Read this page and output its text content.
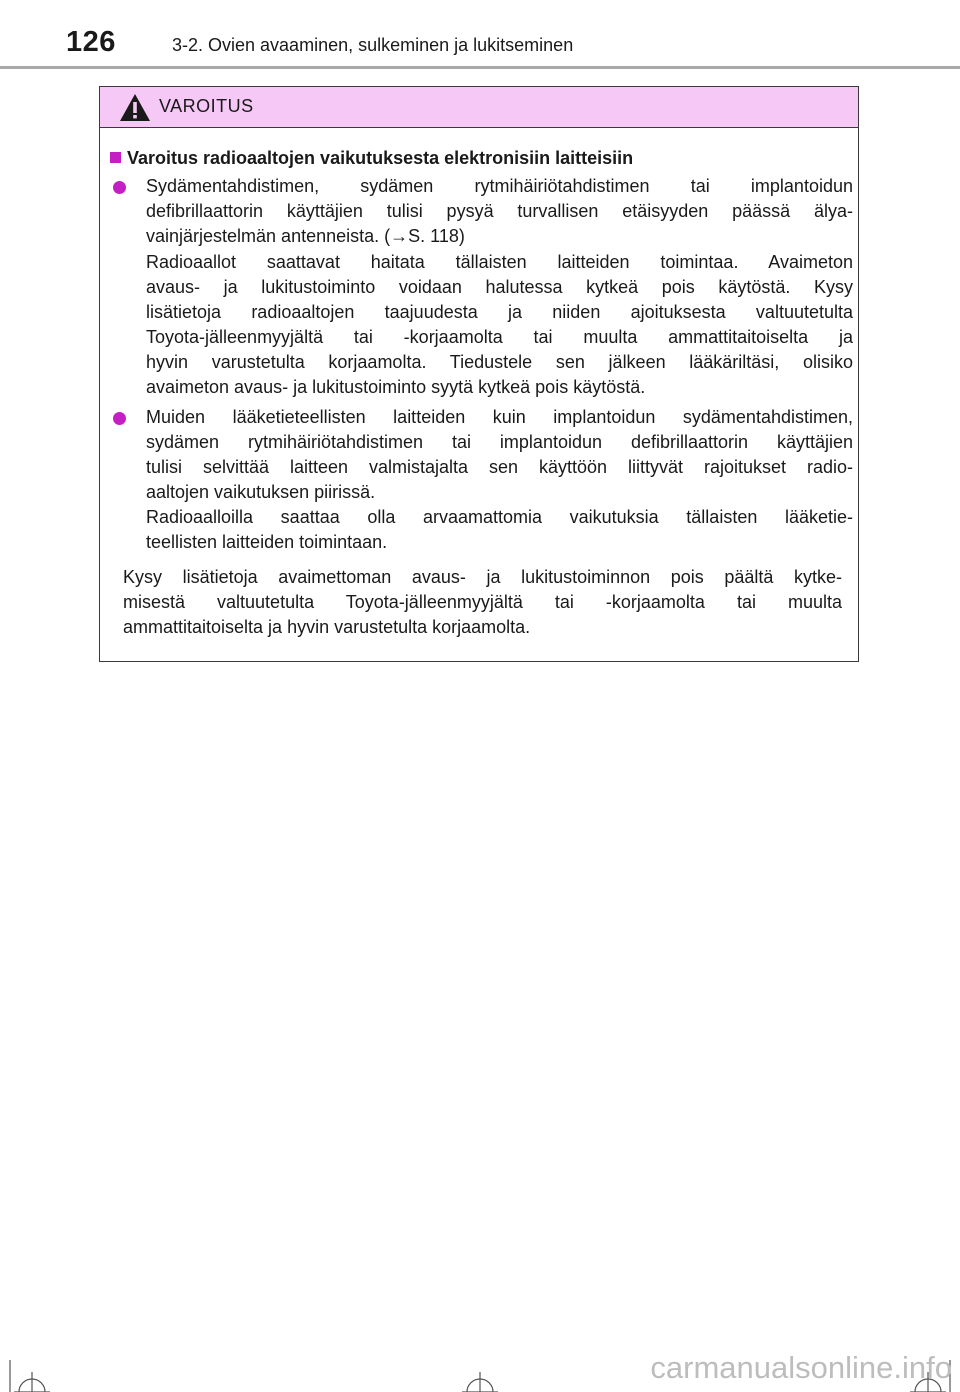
126	3-2. Ovien avaaminen, sulkeminen ja lukitseminen
VAROITUS
Varoitus radioaaltojen vaikutuksesta elektronisiin laitteisiin
Sydämentahdistimen, sydämen rytmihäiriötahdistimen tai implantoidun
defibrillaattorin käyttäjien tulisi pysyä turvallisen etäisyyden päässä älya-
vainjärjestelmän antenneista. (→S. 118)
Radioaallot saattavat haitata tällaisten laitteiden toimintaa. Avaimeton
avaus- ja lukitustoiminto voidaan halutessa kytkeä pois käytöstä. Kysy
lisätietoja radioaaltojen taajuudesta ja niiden ajoituksesta valtuutetulta
Toyota-jälleenmyyjältä tai -korjaamolta tai muulta ammattitaitoiselta ja
hyvin varustetulta korjaamolta. Tiedustele sen jälkeen lääkäriltäsi, olisiko
avaimeton avaus- ja lukitustoiminto syytä kytkeä pois käytöstä.
Muiden lääketieteellisten laitteiden kuin implantoidun sydämentahdistimen,
sydämen rytmihäiriötahdistimen tai implantoidun defibrillaattorin käyttäjien
tulisi selvittää laitteen valmistajalta sen käyttöön liittyvät rajoitukset radio-
aaltojen vaikutuksen piirissä.
Radioaalloilla saattaa olla arvaamattomia vaikutuksia tällaisten lääketie-
teellisten laitteiden toimintaan.
Kysy lisätietoja avaimettoman avaus- ja lukitustoiminnon pois päältä kytke-
misestä valtuutetulta Toyota-jälleenmyyjältä tai -korjaamolta tai muulta
ammattitaitoiselta ja hyvin varustetulta korjaamolta.
carmanualsonline.info
